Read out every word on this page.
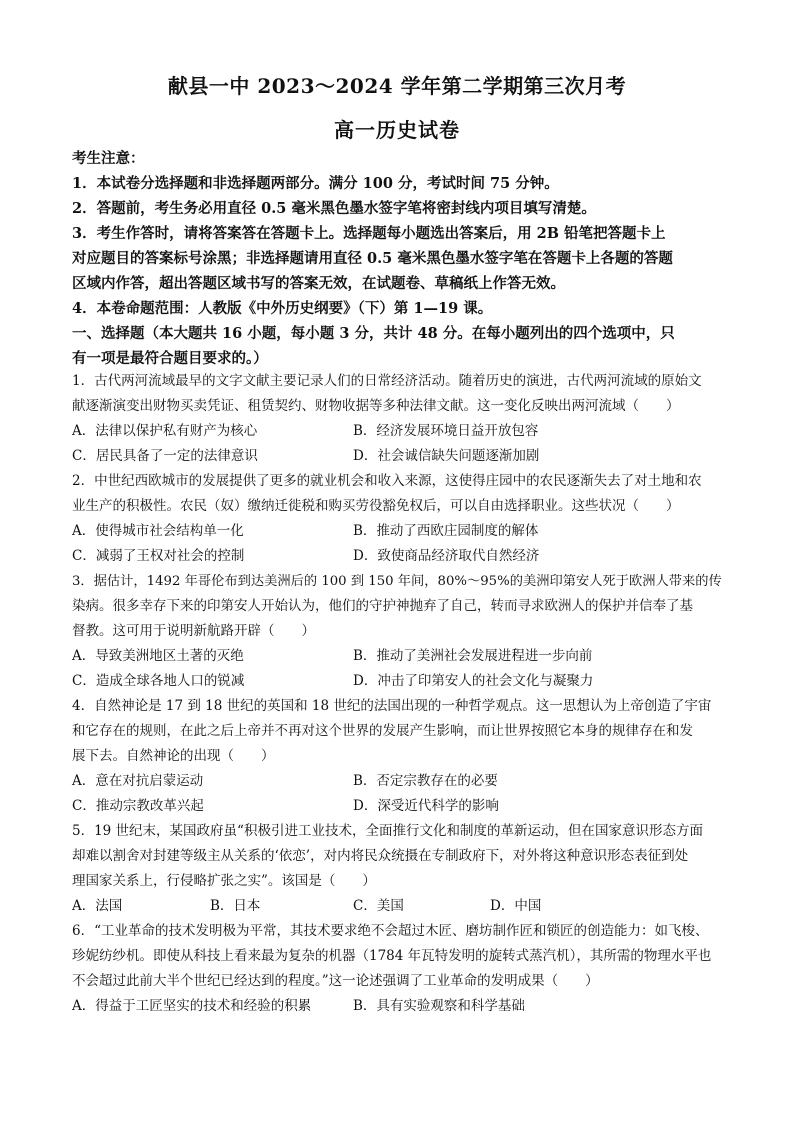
献县一中 2023～2024 学年第二学期第三次月考
高一历史试卷
考生注意：
1．本试卷分选择题和非选择题两部分。满分 100 分，考试时间 75 分钟。
2．答题前，考生务必用直径 0.5 毫米黑色墨水签字笔将密封线内项目填写清楚。
3．考生作答时，请将答案答在答题卡上。选择题每小题选出答案后，用 2B 铅笔把答题卡上
对应题目的答案标号涂黑；非选择题请用直径 0.5 毫米黑色墨水签字笔在答题卡上各题的答题
区域内作答，超出答题区域书写的答案无效，在试题卷、草稿纸上作答无效。
4．本卷命题范围：人教版《中外历史纲要》（下）第 1—19 课。
一、选择题（本大题共 16 小题，每小题 3 分，共计 48 分。在每小题列出的四个选项中，只
有一项是最符合题目要求的。）
1．古代两河流域最早的文字文献主要记录人们的日常经济活动。随着历史的演进，古代两河流域的原始文
献逐渐演变出财物买卖凭证、租赁契约、财物收据等多种法律文献。这一变化反映出两河流域（　　）
A．法律以保护私有财产为核心	B．经济发展环境日益开放包容
C．居民具备了一定的法律意识	D．社会诚信缺失问题逐渐加剧
2．中世纪西欧城市的发展提供了更多的就业机会和收入来源，这使得庄园中的农民逐渐失去了对土地和农
业生产的积极性。农民（奴）缴纳迁徙税和购买劳役豁免权后，可以自由选择职业。这些状况（　　）
A．使得城市社会结构单一化	B．推动了西欧庄园制度的解体
C．减弱了王权对社会的控制	D．致使商品经济取代自然经济
3．据估计，1492 年哥伦布到达美洲后的 100 到 150 年间，80%～95%的美洲印第安人死于欧洲人带来的传
染病。很多幸存下来的印第安人开始认为，他们的守护神抛弃了自己，转而寻求欧洲人的保护并信奉了基
督教。这可用于说明新航路开辟（　　）
A．导致美洲地区土著的灭绝	B．推动了美洲社会发展进程进一步向前
C．造成全球各地人口的锐减	D．冲击了印第安人的社会文化与凝聚力
4．自然神论是 17 到 18 世纪的英国和 18 世纪的法国出现的一种哲学观点。这一思想认为上帝创造了宇宙
和它存在的规则，在此之后上帝并不再对这个世界的发展产生影响，而让世界按照它本身的规律存在和发
展下去。自然神论的出现（　　）
A．意在对抗启蒙运动	B．否定宗教存在的必要
C．推动宗教改革兴起	D．深受近代科学的影响
5．19 世纪末，某国政府虽“积极引进工业技术，全面推行文化和制度的革新运动，但在国家意识形态方面
却难以割舍对封建等级主从关系的‘依恋’，对内将民众统摄在专制政府下，对外将这种意识形态表征到处
理国家关系上，行侵略扩张之实”。该国是（　　）
A．法国	B．日本	C．美国	D．中国
6．“工业革命的技术发明极为平常，其技术要求绝不会超过木匠、磨坊制作匠和锁匠的创造能力：如飞梭、
珍妮纺纱机。即使从科技上看来最为复杂的机器（1784 年瓦特发明的旋转式蒸汽机），其所需的物理水平也
不会超过此前大半个世纪已经达到的程度。”这一论述强调了工业革命的发明成果（　　）
A．得益于工匠坚实的技术和经验的积累	B．具有实验观察和科学基础
